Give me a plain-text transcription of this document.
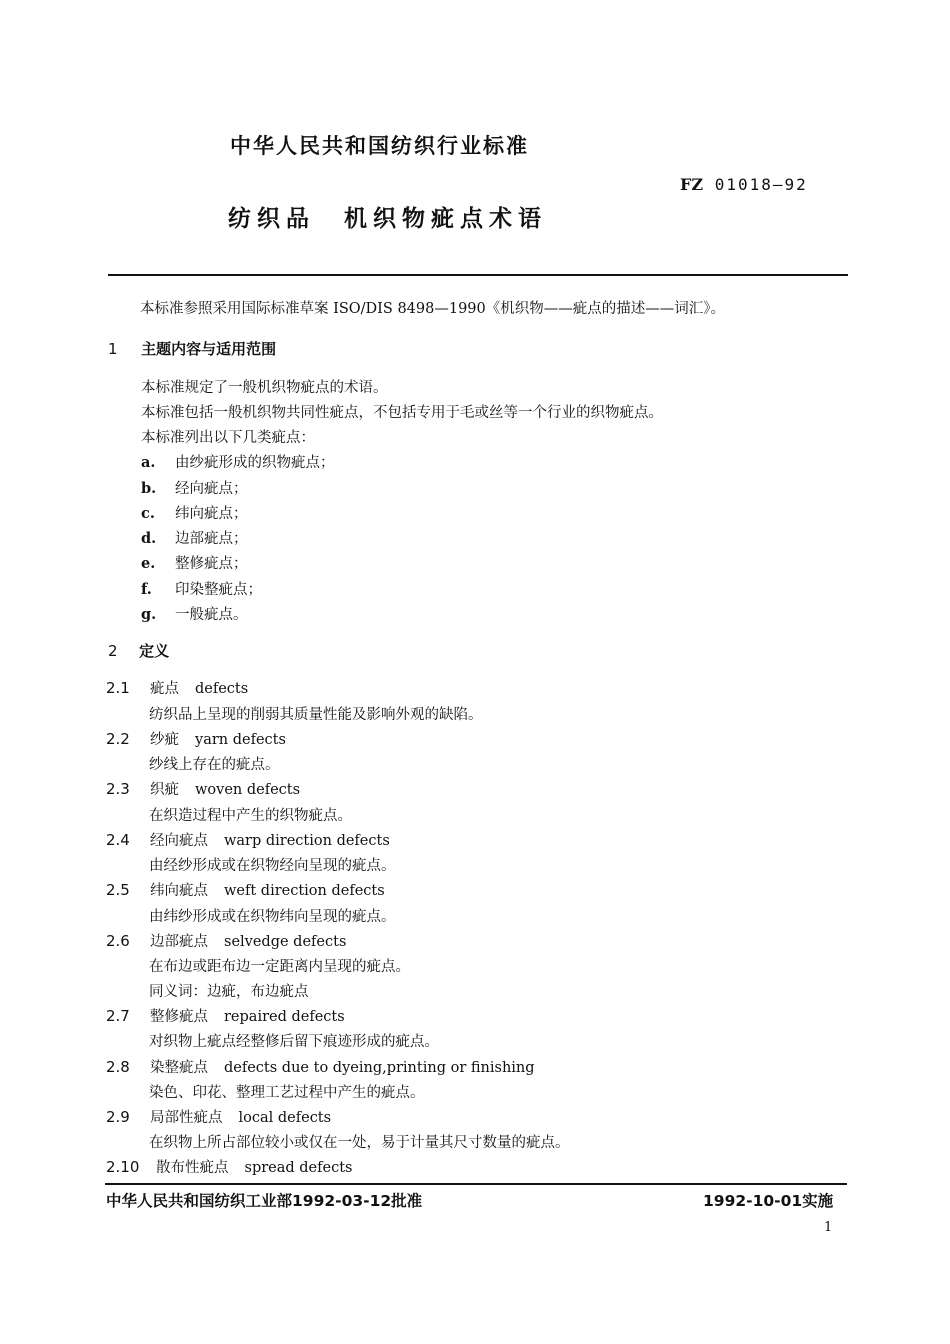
中华人民共和国纺织行业标准
FZ 01018—92
纺织品　机织物疵点术语
本标准参照采用国际标准草案 ISO/DIS 8498—1990《机织物——疵点的描述——词汇》。
1 主题内容与适用范围
本标准规定了一般机织物疵点的术语。
本标准包括一般机织物共同性疵点，不包括专用于毛或丝等一个行业的织物疵点。
本标准列出以下几类疵点：
a. 由纱疵形成的织物疵点；
b. 经向疵点；
c. 纬向疵点；
d. 边部疵点；
e. 整修疵点；
f. 印染整疵点；
g. 一般疵点。
2 定义
2.1 疵点 defects
纺织品上呈现的削弱其质量性能及影响外观的缺陷。
2.2 纱疵 yarn defects
纱线上存在的疵点。
2.3 织疵 woven defects
在织造过程中产生的织物疵点。
2.4 经向疵点 warp direction defects
由经纱形成或在织物经向呈现的疵点。
2.5 纬向疵点 weft direction defects
由纬纱形成或在织物纬向呈现的疵点。
2.6 边部疵点 selvedge defects
在布边或距布边一定距离内呈现的疵点。
同义词：边疵，布边疵点
2.7 整修疵点 repaired defects
对织物上疵点经整修后留下痕迹形成的疵点。
2.8 染整疵点 defects due to dyeing,printing or finishing
染色、印花、整理工艺过程中产生的疵点。
2.9 局部性疵点 local defects
在织物上所占部位较小或仅在一处，易于计量其尺寸数量的疵点。
2.10 散布性疵点 spread defects
中华人民共和国纺织工业部1992-03-12批准	1992-10-01实施
1
